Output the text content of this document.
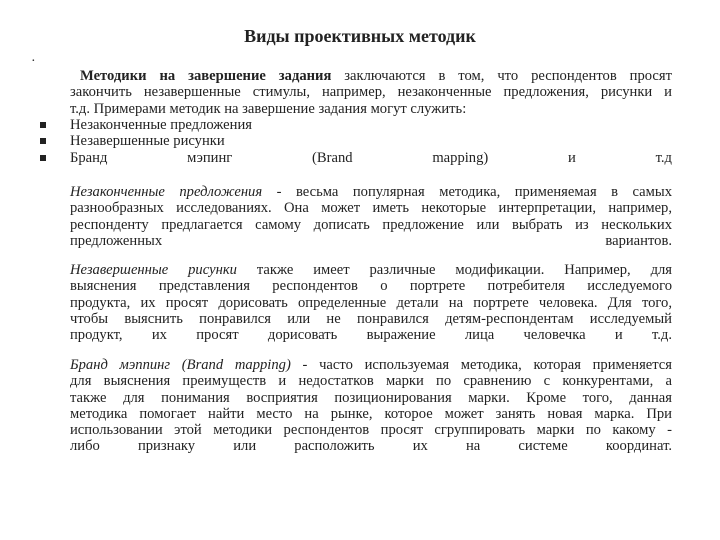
Виды проективных методик
·
Методики на завершение задания заключаются в том, что респондентов просят
закончить незавершенные стимулы, например, незаконченные предложения, рисунки и
т.д. Примерами методик на завершение задания могут служить:
Незаконченные предложения
Незавершенные рисунки
Бранд	мэпинг	(Brand	mapping)	и	т.д
Незаконченные предложения - весьма популярная методика, применяемая в самых
разнообразных исследованиях. Она может иметь некоторые интерпретации, например,
респонденту предлагается самому дописать предложение или выбрать из нескольких
предложенных вариантов.
Незавершенные рисунки также имеет различные модификации. Например, для
выяснения представления респондентов о портрете потребителя исследуемого
продукта, их просят дорисовать определенные детали на портрете человека. Для того,
чтобы выяснить понравился или не понравился детям-респондентам исследуемый
продукт, их просят дорисовать выражение лица человечка и т.д.
Бранд мэппинг (Brand mapping) - часто используемая методика, которая применяется
для выяснения преимуществ и недостатков марки по сравнению с конкурентами, а
также для понимания восприятия позиционирования марки. Кроме того, данная
методика помогает найти место на рынке, которое может занять новая марка. При
использовании этой методики респондентов просят сгруппировать марки по какому -
либо признаку или расположить их на системе координат.
